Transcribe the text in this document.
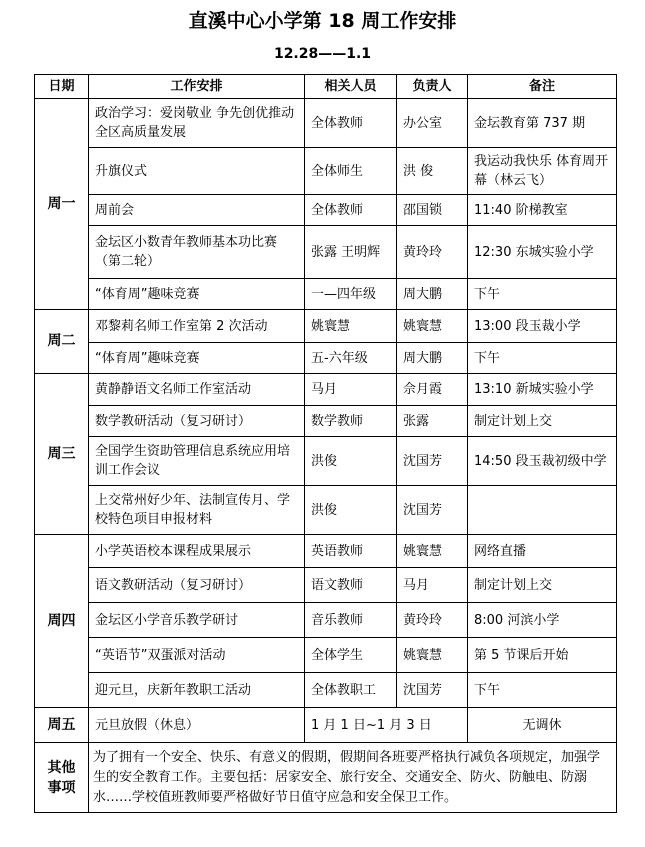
直溪中心小学第 18 周工作安排
12.28——1.1
日期	工作安排	相关人员	负责人	备注
周一	政治学习：爱岗敬业 争先创优推动全区高质量发展	全体教师	办公室	金坛教育第 737 期
	升旗仪式	全体师生	洪 俊	我运动我快乐 体育周开幕（林云飞）
	周前会	全体教师	邵国锁	11:40 阶梯教室
	金坛区小数青年教师基本功比赛（第二轮）	张露 王明辉	黄玲玲	12:30 东城实验小学
	“体育周”趣味竞赛	一—四年级	周大鹏	下午
周二	邓黎莉名师工作室第 2 次活动	姚寰慧	姚寰慧	13:00 段玉裁小学
	“体育周”趣味竞赛	五-六年级	周大鹏	下午
周三	黄静静语文名师工作室活动	马月	佘月霞	13:10 新城实验小学
	数学教研活动（复习研讨）	数学教师	张露	制定计划上交
	全国学生资助管理信息系统应用培训工作会议	洪俊	沈国芳	14:50 段玉裁初级中学
	上交常州好少年、法制宣传月、学校特色项目申报材料	洪俊	沈国芳	
周四	小学英语校本课程成果展示	英语教师	姚寰慧	网络直播
	语文教研活动（复习研讨）	语文教师	马月	制定计划上交
	金坛区小学音乐教学研讨	音乐教师	黄玲玲	8:00 河滨小学
	“英语节”双蛋派对活动	全体学生	姚寰慧	第 5 节课后开始
	迎元旦，庆新年教职工活动	全体教职工	沈国芳	下午
周五	元旦放假（休息）	1 月 1 日~1 月 3 日		无调休

其他
事项	为了拥有一个安全、快乐、有意义的假期，假期间各班要严格执行减负各项规定，加强学生的安全教育工作。主要包括：居家安全、旅行安全、交通安全、防火、防触电、防溺水……学校值班教师要严格做好节日值守应急和安全保卫工作。			
